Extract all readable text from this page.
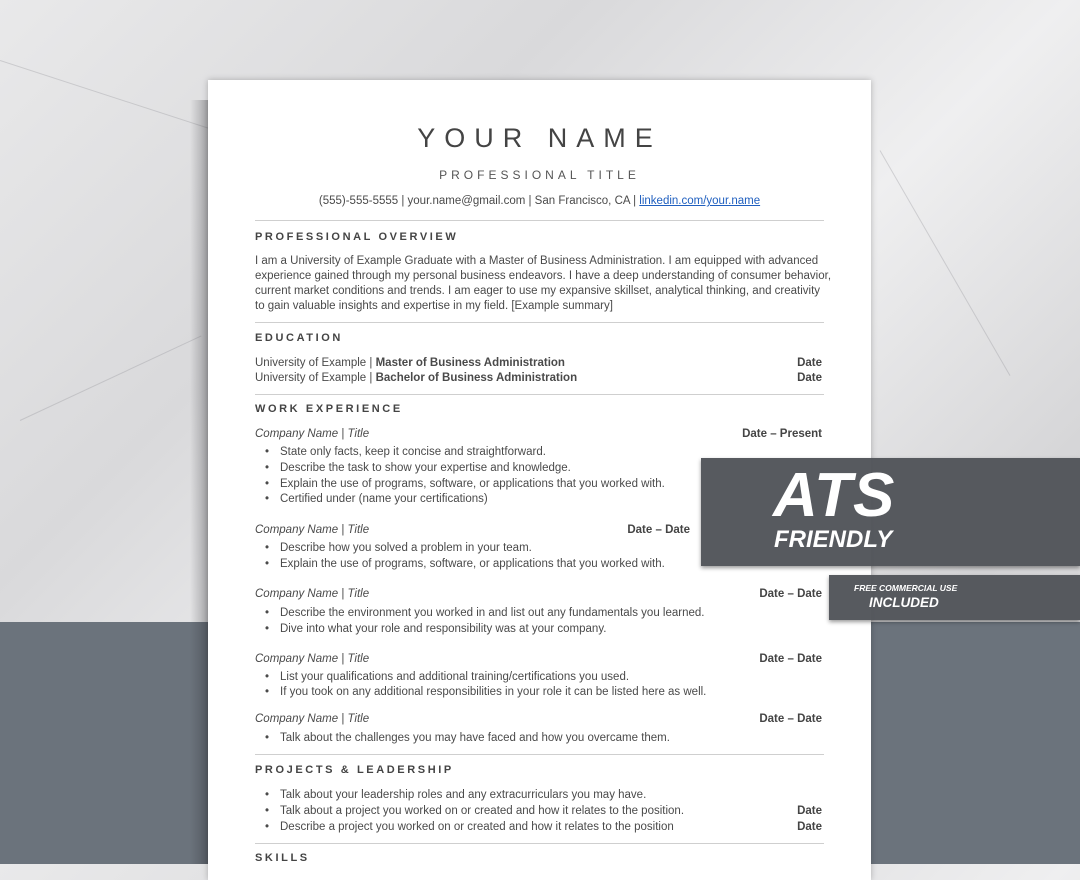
YOUR NAME
PROFESSIONAL TITLE
(555)-555-5555 | your.name@gmail.com | San Francisco, CA | linkedin.com/your.name
PROFESSIONAL OVERVIEW
I am a University of Example Graduate with a Master of Business Administration. I am equipped with advanced
experience gained through my personal business endeavors. I have a deep understanding of consumer behavior,
current market conditions and trends. I am eager to use my expansive skillset, analytical thinking, and creativity
to gain valuable insights and expertise in my field. [Example summary]
EDUCATION
University of Example | Master of Business Administration	Date
University of Example | Bachelor of Business Administration	Date
WORK EXPERIENCE
Company Name | Title	Date – Present
• State only facts, keep it concise and straightforward.
• Describe the task to show your expertise and knowledge.
• Explain the use of programs, software, or applications that you worked with.
• Certified under (name your certifications)
Company Name | Title	Date – Date
• Describe how you solved a problem in your team.
• Explain the use of programs, software, or applications that you worked with.
Company Name | Title	Date – Date
• Describe the environment you worked in and list out any fundamentals you learned.
• Dive into what your role and responsibility was at your company.
Company Name | Title	Date – Date
• List your qualifications and additional training/certifications you used.
• If you took on any additional responsibilities in your role it can be listed here as well.
Company Name | Title	Date – Date
• Talk about the challenges you may have faced and how you overcame them.
PROJECTS & LEADERSHIP
• Talk about your leadership roles and any extracurriculars you may have.
• Talk about a project you worked on or created and how it relates to the position.	Date
• Describe a project you worked on or created and how it relates to the position	Date
SKILLS
ATS
FRIENDLY
FREE COMMERCIAL USE
INCLUDED
